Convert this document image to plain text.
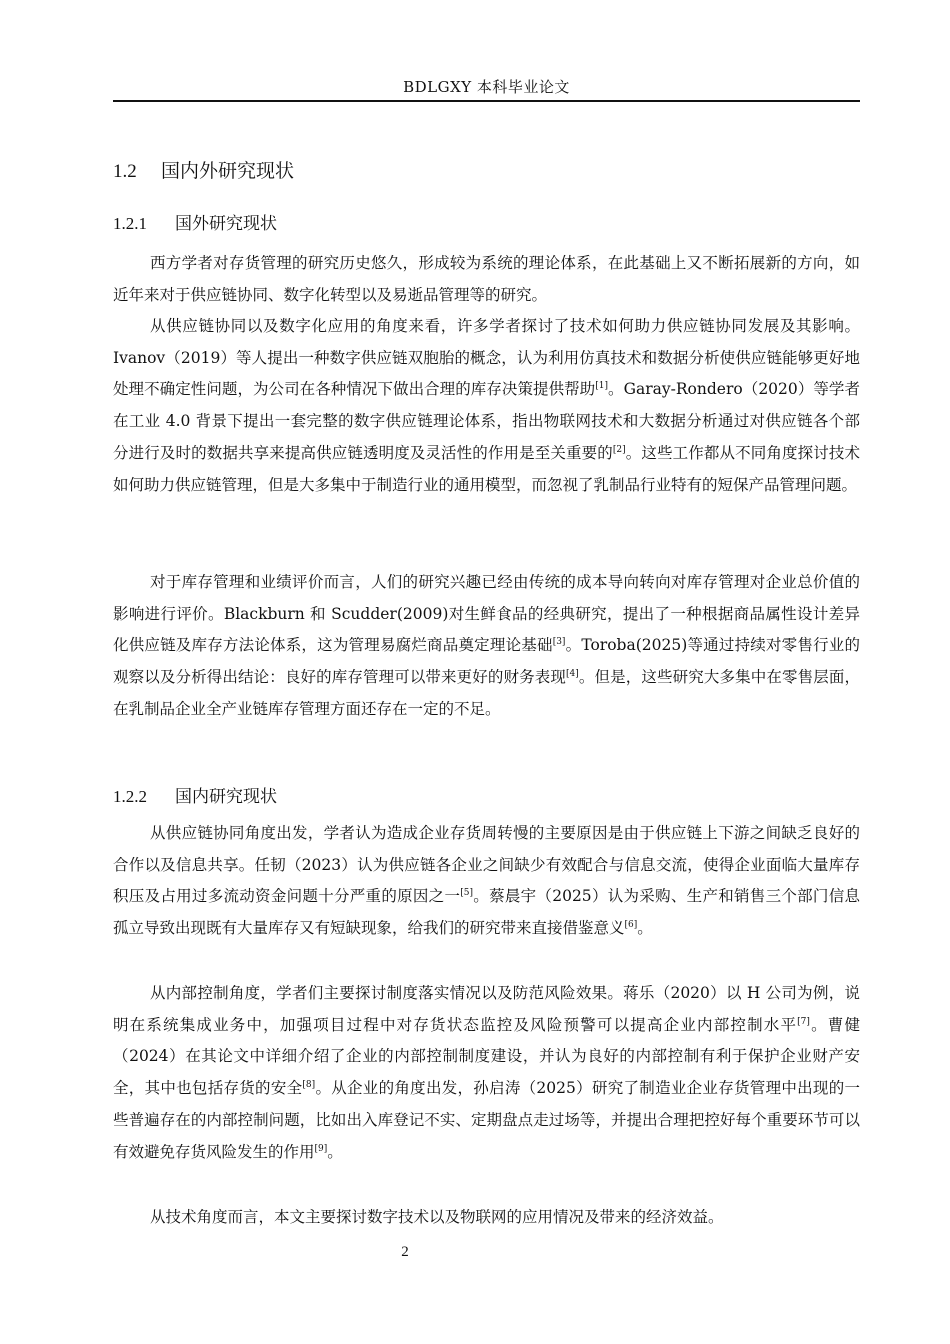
BDLGXY 本科毕业论文
1.2 国内外研究现状
1.2.1 国外研究现状

西方学者对存货管理的研究历史悠久，形成较为系统的理论体系，在此基础上又不断拓展新的方向，如近年来对于供应链协同、数字化转型以及易逝品管理等的研究。

从供应链协同以及数字化应用的角度来看，许多学者探讨了技术如何助力供应链协同发展及其影响。Ivanov（2019）等人提出一种数字供应链双胞胎的概念，认为利用仿真技术和数据分析使供应链能够更好地处理不确定性问题，为公司在各种情况下做出合理的库存决策提供帮助[1]。Garay-Rondero（2020）等学者在工业 4.0 背景下提出一套完整的数字供应链理论体系，指出物联网技术和大数据分析通过对供应链各个部分进行及时的数据共享来提高供应链透明度及灵活性的作用是至关重要的[2]。这些工作都从不同角度探讨技术如何助力供应链管理，但是大多集中于制造行业的通用模型，而忽视了乳制品行业特有的短保产品管理问题。

对于库存管理和业绩评价而言，人们的研究兴趣已经由传统的成本导向转向对库存管理对企业总价值的影响进行评价。Blackburn 和 Scudder(2009)对生鲜食品的经典研究，提出了一种根据商品属性设计差异化供应链及库存方法论体系，这为管理易腐烂商品奠定理论基础[3]。Toroba(2025)等通过持续对零售行业的观察以及分析得出结论：良好的库存管理可以带来更好的财务表现[4]。但是，这些研究大多集中在零售层面，在乳制品企业全产业链库存管理方面还存在一定的不足。

1.2.2 国内研究现状

从供应链协同角度出发，学者认为造成企业存货周转慢的主要原因是由于供应链上下游之间缺乏良好的合作以及信息共享。任韧（2023）认为供应链各企业之间缺少有效配合与信息交流，使得企业面临大量库存积压及占用过多流动资金问题十分严重的原因之一[5]。蔡晨宇（2025）认为采购、生产和销售三个部门信息孤立导致出现既有大量库存又有短缺现象，给我们的研究带来直接借鉴意义[6]。

从内部控制角度，学者们主要探讨制度落实情况以及防范风险效果。蒋乐（2020）以 H 公司为例，说明在系统集成业务中，加强项目过程中对存货状态监控及风险预警可以提高企业内部控制水平[7]。曹健（2024）在其论文中详细介绍了企业的内部控制制度建设，并认为良好的内部控制有利于保护企业财产安全，其中也包括存货的安全[8]。从企业的角度出发，孙启涛（2025）研究了制造业企业存货管理中出现的一些普遍存在的内部控制问题，比如出入库登记不实、定期盘点走过场等，并提出合理把控好每个重要环节可以有效避免存货风险发生的作用[9]。

从技术角度而言，本文主要探讨数字技术以及物联网的应用情况及带来的经济效益。

2
